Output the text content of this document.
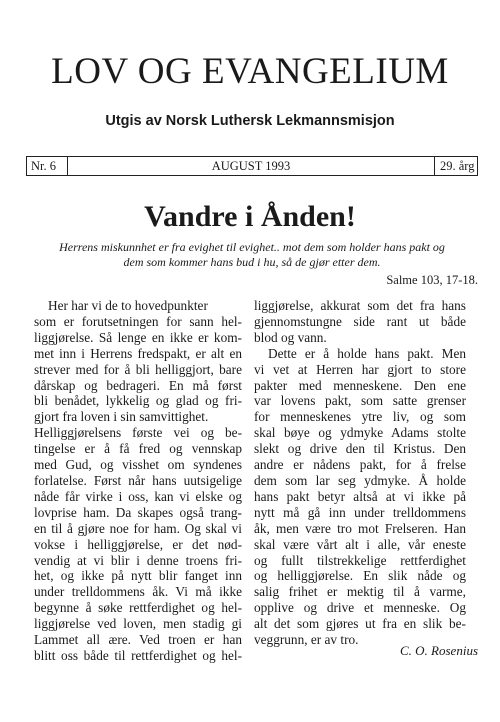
LOV OG EVANGELIUM
Utgis av Norsk Luthersk Lekmannsmisjon
Nr. 6	AUGUST 1993	29. årg
Vandre i Ånden!
Herrens miskunnhet er fra evighet til evighet.. mot dem som holder hans pakt og
dem som kommer hans bud i hu, så de gjør etter dem.
Salme 103, 17-18.
Her har vi de to hovedpunkter
som er forutsetningen for sann hel-
liggjørelse. Så lenge en ikke er kom-
met inn i Herrens fredspakt, er alt en
strever med for å bli helliggjort, bare
dårskap og bedrageri. En må først
bli benådet, lykkelig og glad og fri-
gjort fra loven i sin samvittighet.
Helliggjørelsens første vei og be-
tingelse er å få fred og vennskap
med Gud, og visshet om syndenes
forlatelse. Først når hans uutsigelige
nåde får virke i oss, kan vi elske og
lovprise ham. Da skapes også trang-
en til å gjøre noe for ham. Og skal vi
vokse i helliggjørelse, er det nød-
vendig at vi blir i denne troens fri-
het, og ikke på nytt blir fanget inn
under trelldommens åk. Vi må ikke
begynne å søke rettferdighet og hel-
liggjørelse ved loven, men stadig gi
Lammet all ære. Ved troen er han
blitt oss både til rettferdighet og hel-
liggjørelse, akkurat som det fra hans
gjennomstungne side rant ut både
blod og vann.
Dette er å holde hans pakt. Men
vi vet at Herren har gjort to store
pakter med menneskene. Den ene
var lovens pakt, som satte grenser
for menneskenes ytre liv, og som
skal bøye og ydmyke Adams stolte
slekt og drive den til Kristus. Den
andre er nådens pakt, for å frelse
dem som lar seg ydmyke. Å holde
hans pakt betyr altså at vi ikke på
nytt må gå inn under trelldommens
åk, men være tro mot Frelseren. Han
skal være vårt alt i alle, vår eneste
og fullt tilstrekkelige rettferdighet
og helliggjørelse. En slik nåde og
salig frihet er mektig til å varme,
opplive og drive et menneske. Og
alt det som gjøres ut fra en slik be-
veggrunn, er av tro.
C. O. Rosenius
